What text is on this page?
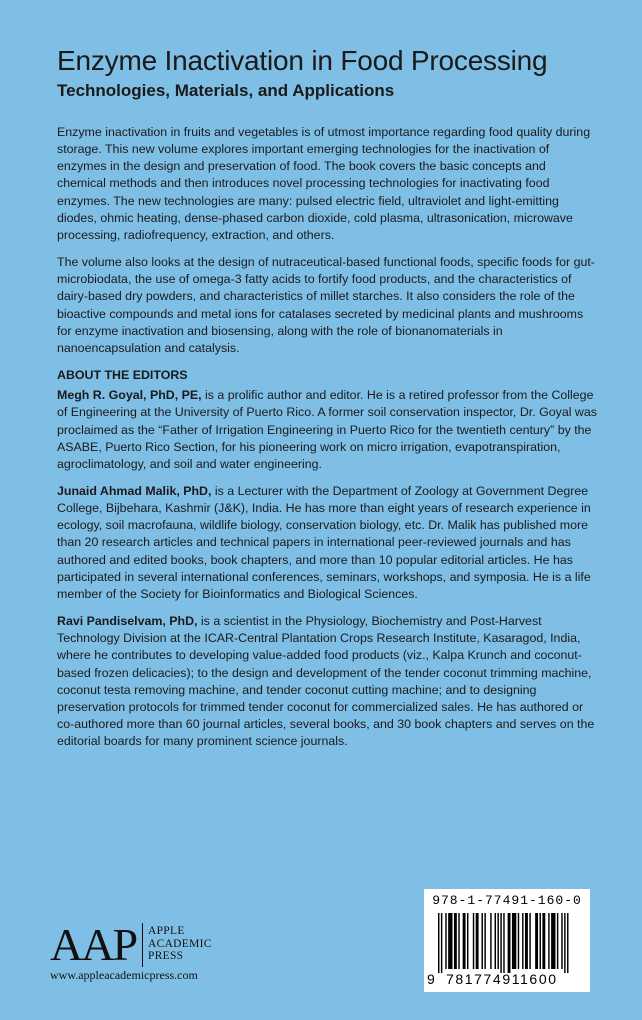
Enzyme Inactivation in Food Processing
Technologies, Materials, and Applications

Enzyme inactivation in fruits and vegetables is of utmost importance regarding food quality during storage. This new volume explores important emerging technologies for the inactivation of enzymes in the design and preservation of food. The book covers the basic concepts and chemical methods and then introduces novel processing technologies for inactivating food enzymes. The new technologies are many: pulsed electric field, ultraviolet and light-emitting diodes, ohmic heating, dense-phased carbon dioxide, cold plasma, ultrasonication, microwave processing, radiofrequency, extraction, and others.

The volume also looks at the design of nutraceutical-based functional foods, specific foods for gut-microbiodata, the use of omega-3 fatty acids to fortify food products, and the characteristics of dairy-based dry powders, and characteristics of millet starches. It also considers the role of the bioactive compounds and metal ions for catalases secreted by medicinal plants and mushrooms for enzyme inactivation and biosensing, along with the role of bionanomaterials in nanoencapsulation and catalysis.

ABOUT THE EDITORS

Megh R. Goyal, PhD, PE, is a prolific author and editor. He is a retired professor from the College of Engineering at the University of Puerto Rico. A former soil conservation inspector, Dr. Goyal was proclaimed as the “Father of Irrigation Engineering in Puerto Rico for the twentieth century” by the ASABE, Puerto Rico Section, for his pioneering work on micro irrigation, evapotranspiration, agroclimatology, and soil and water engineering.

Junaid Ahmad Malik, PhD, is a Lecturer with the Department of Zoology at Government Degree College, Bijbehara, Kashmir (J&K), India. He has more than eight years of research experience in ecology, soil macrofauna, wildlife biology, conservation biology, etc. Dr. Malik has published more than 20 research articles and technical papers in international peer-reviewed journals and has authored and edited books, book chapters, and more than 10 popular editorial articles. He has participated in several international conferences, seminars, workshops, and symposia. He is a life member of the Society for Bioinformatics and Biological Sciences.

Ravi Pandiselvam, PhD, is a scientist in the Physiology, Biochemistry and Post-Harvest Technology Division at the ICAR-Central Plantation Crops Research Institute, Kasaragod, India, where he contributes to developing value-added food products (viz., Kalpa Krunch and coconut-based frozen delicacies); to the design and development of the tender coconut trimming machine, coconut testa removing machine, and tender coconut cutting machine; and to designing preservation protocols for trimmed tender coconut for commercialized sales. He has authored or co-authored more than 60 journal articles, several books, and 30 book chapters and serves on the editorial boards for many prominent science journals.

AAP APPLE
ACADEMIC
PRESS
www.appleacademicpress.com
978-1-77491-160-0
9 781774911600
